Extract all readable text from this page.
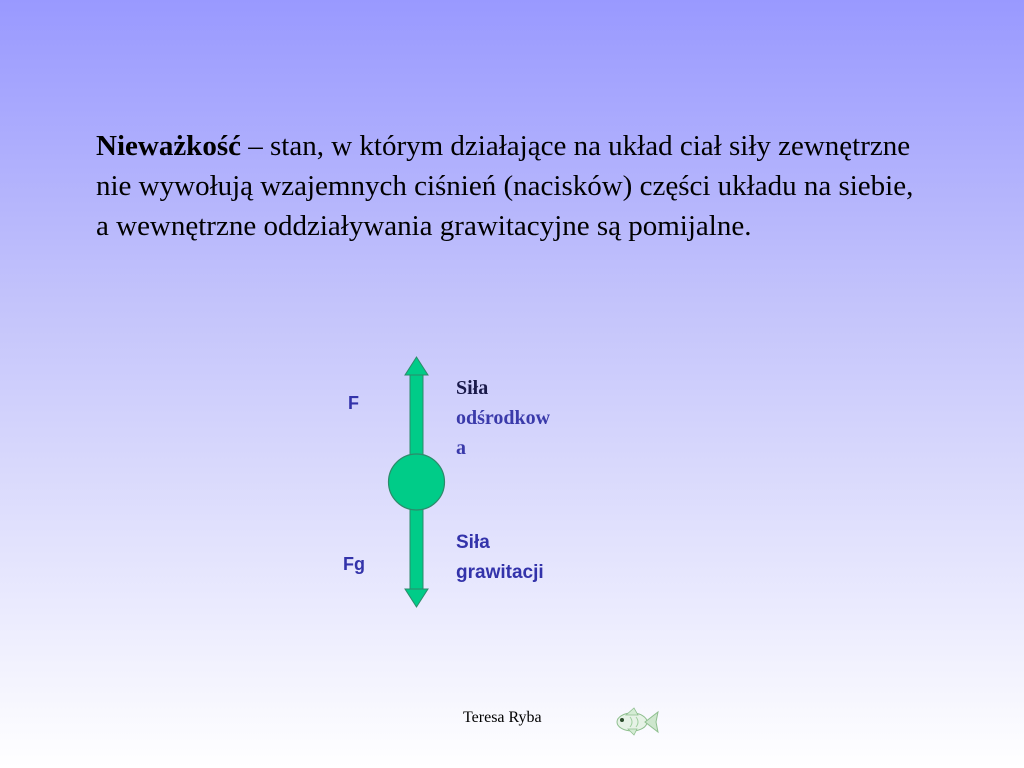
Nieważkość – stan, w którym działające na układ ciał siły zewnętrzne nie wywołują wzajemnych ciśnień (nacisków) części układu na siebie, a wewnętrzne oddziaływania grawitacyjne są pomijalne.
F
Fg
Siła
odśrodkow
a
Siła
grawitacji
Teresa Ryba
